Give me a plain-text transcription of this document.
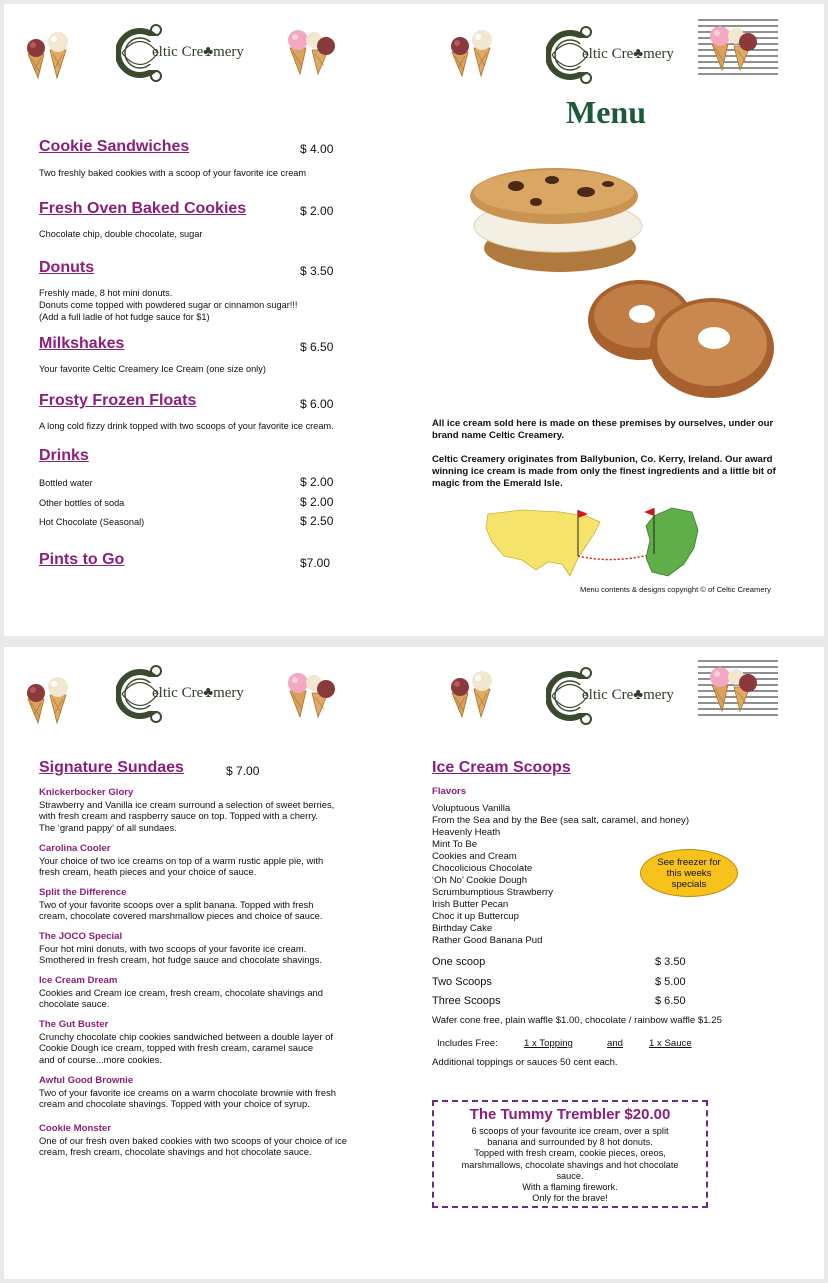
eltic Cre♣mery	eltic Cre♣mery
Menu
Cookie Sandwiches	$ 4.00
Two freshly baked cookies with a scoop of your favorite ice cream
Fresh Oven Baked Cookies	$ 2.00
Chocolate chip, double chocolate, sugar
Donuts	$ 3.50
Freshly made, 8 hot mini donuts.
Donuts come topped with powdered sugar or cinnamon sugar!!!
(Add a full ladle of hot fudge sauce for $1)
Milkshakes	$ 6.50
Your favorite Celtic Creamery Ice Cream (one size only)
Frosty Frozen Floats	$ 6.00
A long cold fizzy drink topped with two scoops of your favorite ice cream.
Drinks
Bottled water	$ 2.00
Other bottles of soda	$ 2.00
Hot Chocolate (Seasonal)	$ 2.50
Pints to Go	$7.00
All ice cream sold here is made on these premises by ourselves, under our brand name Celtic Creamery.
Celtic Creamery originates from Ballybunion, Co. Kerry, Ireland. Our award winning ice cream is made from only the finest ingredients and a little bit of magic from the Emerald Isle.
Menu contents & designs copyright © of Celtic Creamery
eltic Cre♣mery	eltic Cre♣mery
Signature Sundaes	$ 7.00
Knickerbocker Glory
Strawberry and Vanilla ice cream surround a selection of sweet berries,
with fresh cream and raspberry sauce on top. Topped with a cherry.
The ‘grand pappy’ of all sundaes.
Carolina Cooler
Your choice of two ice creams on top of a warm rustic apple pie, with
fresh cream, heath pieces and your choice of sauce.
Split the Difference
Two of your favorite scoops over a split banana. Topped with fresh
cream, chocolate covered marshmallow pieces and choice of sauce.
The JOCO Special
Four hot mini donuts, with two scoops of your favorite ice cream.
Smothered in fresh cream, hot fudge sauce and chocolate shavings.
Ice Cream Dream
Cookies and Cream ice cream, fresh cream, chocolate shavings and
chocolate sauce.
The Gut Buster
Crunchy chocolate chip cookies sandwiched between a double layer of
Cookie Dough ice cream, topped with fresh cream, caramel sauce
and of course...more cookies.
Awful Good Brownie
Two of your favorite ice creams on a warm chocolate brownie with fresh
cream and chocolate shavings. Topped with your choice of syrup.
Cookie Monster
One of our fresh oven baked cookies with two scoops of your choice of ice
cream, fresh cream, chocolate shavings and hot chocolate sauce.
Ice Cream Scoops
Flavors
Voluptuous Vanilla
From the Sea and by the Bee (sea salt, caramel, and honey)
Heavenly Heath
Mint To Be
Cookies and Cream
Chocolicious Chocolate
‘Oh No’ Cookie Dough
Scrumbumptious Strawberry
Irish Butter Pecan
Choc it up Buttercup
Birthday Cake
Rather Good Banana Pud
See freezer for this weeks specials
One scoop	$ 3.50
Two Scoops	$ 5.00
Three Scoops	$ 6.50
Wafer cone free, plain waffle $1.00, chocolate / rainbow waffle $1.25
Includes Free:	1 x Topping	and	1 x Sauce
Additional toppings or sauces 50 cent each.
The Tummy Trembler $20.00
6 scoops of your favourite ice cream, over a split
banana and surrounded by 8 hot donuts.
Topped with fresh cream, cookie pieces, oreos,
marshmallows, chocolate shavings and hot chocolate
sauce.
With a flaming firework.
Only for the brave!
